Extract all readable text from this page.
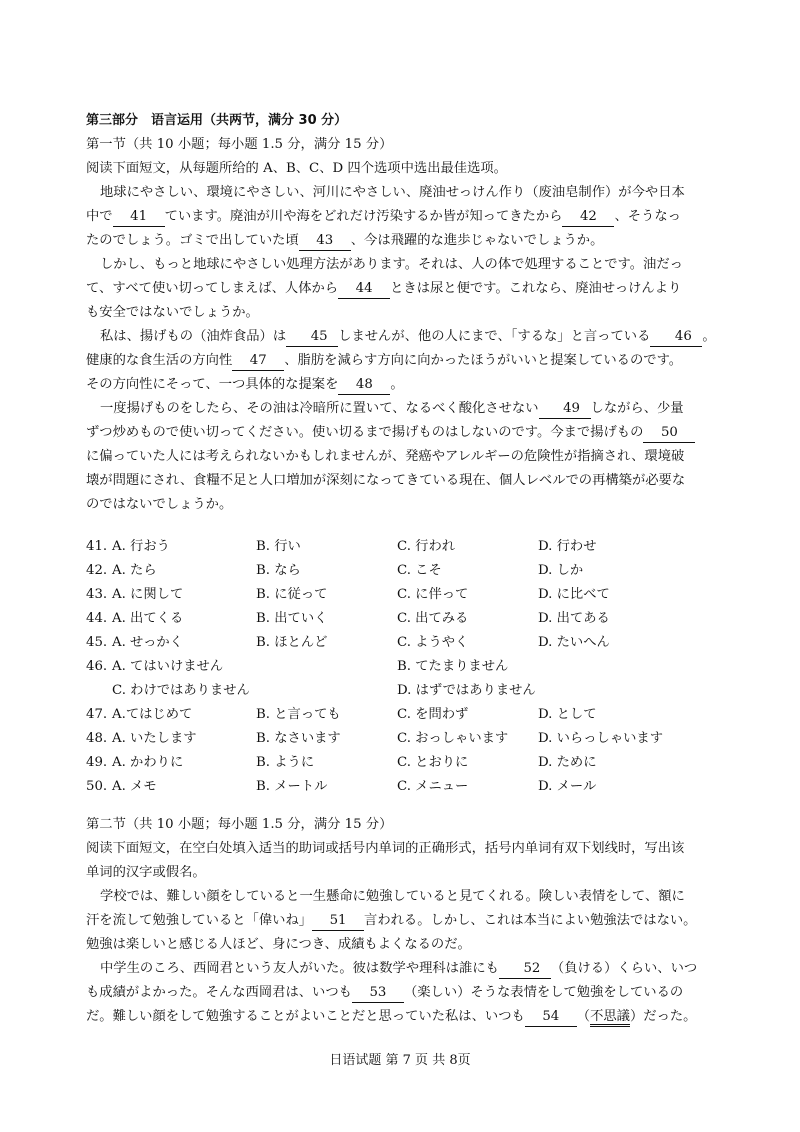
第三部分　语言运用（共两节，满分 30 分）

第一节（共 10 小题；每小题 1.5 分，满分 15 分）

阅读下面短文，从每题所给的 A、B、C、D 四个选项中选出最佳选项。

地球にやさしい、環境にやさしい、河川にやさしい、廃油せっけん作り（废油皂制作）が今や日本

中で 41 ています。廃油が川や海をどれだけ汚染するか皆が知ってきたから 42 、そうなっ

たのでしょう。ゴミで出していた頃 43 、今は飛躍的な進歩じゃないでしょうか。

しかし、もっと地球にやさしい処理方法があります。それは、人の体で処理することです。油だっ

て、すべて使い切ってしまえば、人体から 44 ときは尿と便です。これなら、廃油せっけんより

も安全ではないでしょうか。

私は、揚げもの（油炸食品）は 45 しませんが、他の人にまで、「するな」と言っている 46 。

健康的な食生活の方向性 47 、脂肪を減らす方向に向かったほうがいいと提案しているのです。

その方向性にそって、一つ具体的な提案を 48 。

一度揚げものをしたら、その油は冷暗所に置いて、なるべく酸化させない 49 しながら、少量

ずつ炒めもので使い切ってください。使い切るまで揚げものはしないのです。今まで揚げもの 50

に偏っていた人には考えられないかもしれませんが、発癌やアレルギーの危険性が指摘され、環境破

壊が問題にされ、食糧不足と人口増加が深刻になってきている現在、個人レベルでの再構築が必要な

のではないでしょうか。

41. A. 行おう	B. 行い	C. 行われ	D. 行わせ
42. A. たら	B. なら	C. こそ	D. しか
43. A. に関して	B. に従って	C. に伴って	D. に比べて
44. A. 出てくる	B. 出ていく	C. 出てみる	D. 出てある
45. A. せっかく	B. ほとんど	C. ようやく	D. たいへん
46. A. てはいけません	B. てたまりません
C. わけではありません	D. はずではありません
47. A.てはじめて	B. と言っても	C. を問わず	D. として
48. A. いたします	B. なさいます	C. おっしゃいます D. いらっしゃいます
49. A. かわりに	B. ように	C. とおりに	D. ために
50. A. メモ	B. メートル	C. メニュー	D. メール

第二节（共 10 小题；每小题 1.5 分，满分 15 分）

阅读下面短文，在空白处填入适当的助词或括号内单词的正确形式，括号内单词有双下划线时，写出该

单词的汉字或假名。

学校では、難しい顔をしていると一生懸命に勉強していると見てくれる。険しい表情をして、額に

汗を流して勉強していると「偉いね」 51 言われる。しかし、これは本当によい勉強法ではない。

勉強は楽しいと感じる人ほど、身につき、成績もよくなるのだ。

中学生のころ、西岡君という友人がいた。彼は数学や理科は誰にも 52 （負ける）くらい、いつ

も成績がよかった。そんな西岡君は、いつも 53 （楽しい）そうな表情をして勉強をしているの

だ。難しい顔をして勉強することがよいことだと思っていた私は、いつも 54 （不思議）だった。

日语试题 第 7 页 共 8页
